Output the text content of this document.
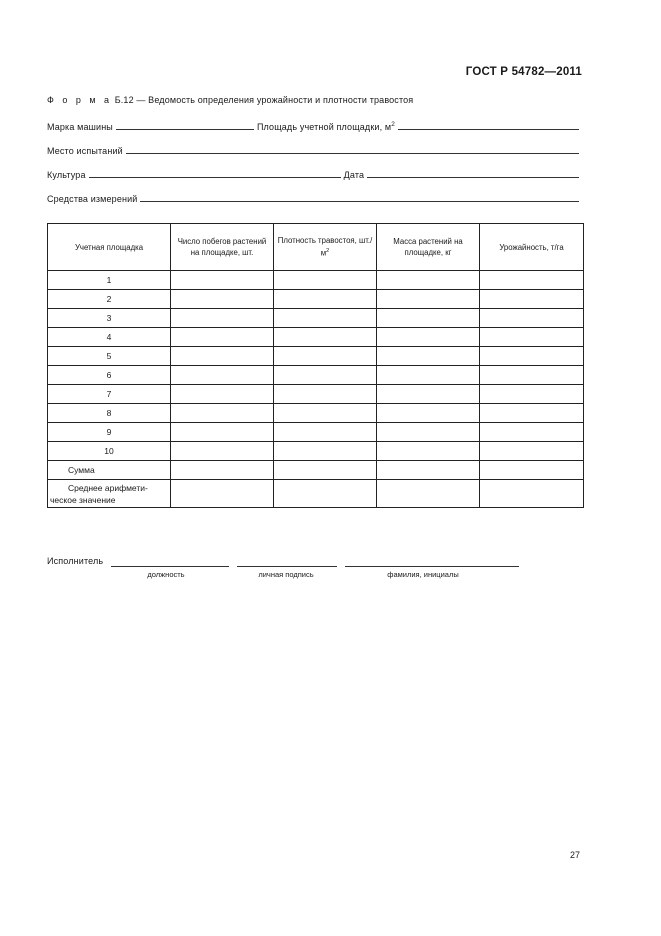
ГОСТ Р 54782—2011
Ф о р м а Б.12 — Ведомость определения урожайности и плотности травостоя
Марка машины	Площадь учетной площадки, $м^2$
Место испытаний
Культура	Дата
Средства измерений
Учетная площадка	Число побегов растений на площадке, шт.	Плотность травостоя, $шт./м^2$	Масса растений на площадке, кг	Урожайность, т/га
1				
2				
3				
4				
5				
6				
7				
8				
9				
10				
Сумма				

Среднее арифмети-
ческое значение				

Исполнитель
должность	личная подпись	фамилия, инициалы
27
